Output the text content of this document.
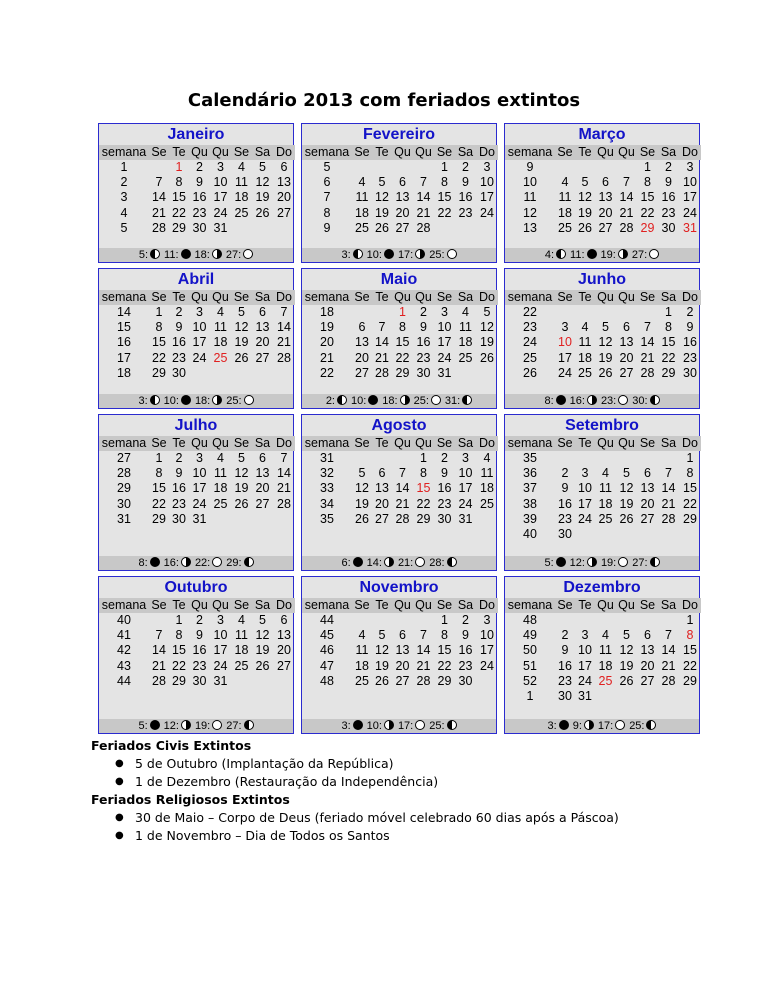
Calendário 2013 com feriados extintos
Janeiro
semana	Se	Te	Qu	Qu	Se	Sa	Do
1		1	2	3	4	5	6
2	7	8	9	10	11	12	13
3	14	15	16	17	18	19	20
4	21	22	23	24	25	26	27
5	28	29	30	31			
5: 11: 18: 27:
Fevereiro
semana	Se	Te	Qu	Qu	Se	Sa	Do
5					1	2	3
6	4	5	6	7	8	9	10
7	11	12	13	14	15	16	17
8	18	19	20	21	22	23	24
9	25	26	27	28			
3: 10: 17: 25:
Março
semana	Se	Te	Qu	Qu	Se	Sa	Do
9					1	2	3
10	4	5	6	7	8	9	10
11	11	12	13	14	15	16	17
12	18	19	20	21	22	23	24
13	25	26	27	28	29	30	31
4: 11: 19: 27:
Abril
semana	Se	Te	Qu	Qu	Se	Sa	Do
14	1	2	3	4	5	6	7
15	8	9	10	11	12	13	14
16	15	16	17	18	19	20	21
17	22	23	24	25	26	27	28
18	29	30					
3: 10: 18: 25:
Maio
semana	Se	Te	Qu	Qu	Se	Sa	Do
18			1	2	3	4	5
19	6	7	8	9	10	11	12
20	13	14	15	16	17	18	19
21	20	21	22	23	24	25	26
22	27	28	29	30	31		
2: 10: 18: 25: 31:
Junho
semana	Se	Te	Qu	Qu	Se	Sa	Do
22						1	2
23	3	4	5	6	7	8	9
24	10	11	12	13	14	15	16
25	17	18	19	20	21	22	23
26	24	25	26	27	28	29	30
8: 16: 23: 30:
Julho
semana	Se	Te	Qu	Qu	Se	Sa	Do
27	1	2	3	4	5	6	7
28	8	9	10	11	12	13	14
29	15	16	17	18	19	20	21
30	22	23	24	25	26	27	28
31	29	30	31				
8: 16: 22: 29:
Agosto
semana	Se	Te	Qu	Qu	Se	Sa	Do
31				1	2	3	4
32	5	6	7	8	9	10	11
33	12	13	14	15	16	17	18
34	19	20	21	22	23	24	25
35	26	27	28	29	30	31	
6: 14: 21: 28:
Setembro
semana	Se	Te	Qu	Qu	Se	Sa	Do
35							1
36	2	3	4	5	6	7	8
37	9	10	11	12	13	14	15
38	16	17	18	19	20	21	22
39	23	24	25	26	27	28	29
40	30						
5: 12: 19: 27:
Outubro
semana	Se	Te	Qu	Qu	Se	Sa	Do
40		1	2	3	4	5	6
41	7	8	9	10	11	12	13
42	14	15	16	17	18	19	20
43	21	22	23	24	25	26	27
44	28	29	30	31			
5: 12: 19: 27:
Novembro
semana	Se	Te	Qu	Qu	Se	Sa	Do
44					1	2	3
45	4	5	6	7	8	9	10
46	11	12	13	14	15	16	17
47	18	19	20	21	22	23	24
48	25	26	27	28	29	30	
3: 10: 17: 25:
Dezembro
semana	Se	Te	Qu	Qu	Se	Sa	Do
48							1
49	2	3	4	5	6	7	8
50	9	10	11	12	13	14	15
51	16	17	18	19	20	21	22
52	23	24	25	26	27	28	29
1	30	31					
3: 9: 17: 25:
Feriados Civis Extintos
● 5 de Outubro (Implantação da República)
● 1 de Dezembro (Restauração da Independência)
Feriados Religiosos Extintos
● 30 de Maio – Corpo de Deus (feriado móvel celebrado 60 dias após a Páscoa)
● 1 de Novembro – Dia de Todos os Santos
